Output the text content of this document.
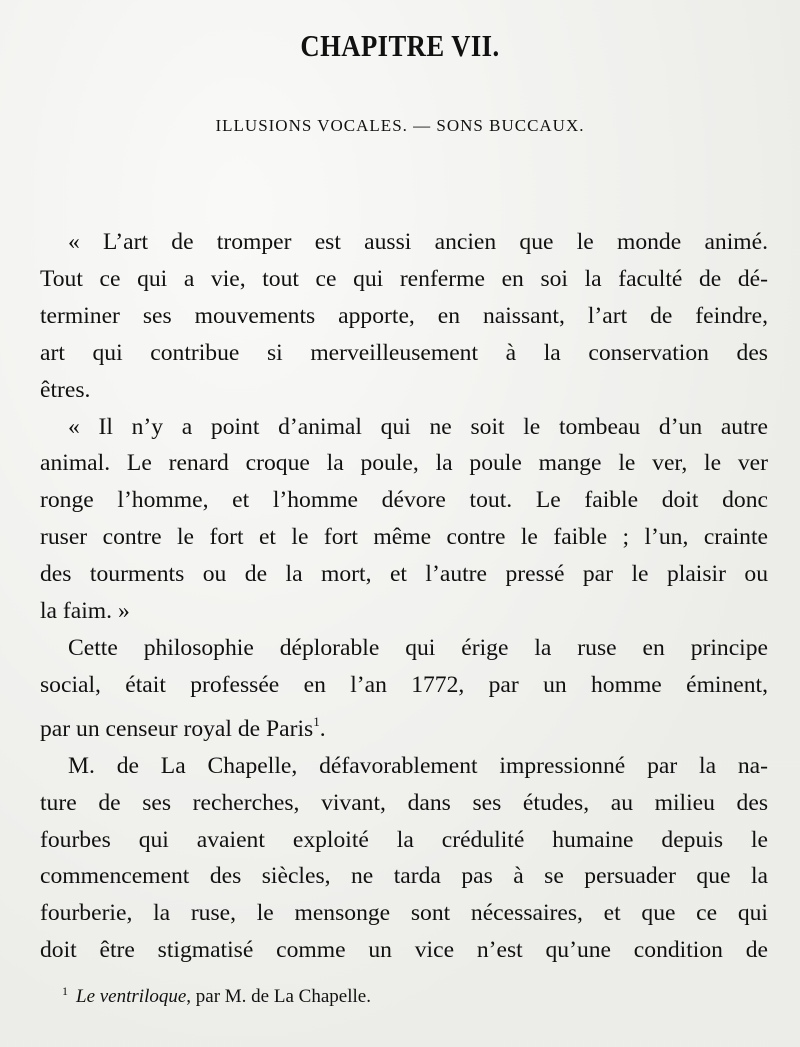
CHAPITRE VII.
ILLUSIONS VOCALES. — SONS BUCCAUX.
« L’art de tromper est aussi ancien que le monde animé.
Tout ce qui a vie, tout ce qui renferme en soi la faculté de dé-
terminer ses mouvements apporte, en naissant, l’art de feindre,
art qui contribue si merveilleusement à la conservation des
êtres.
« Il n’y a point d’animal qui ne soit le tombeau d’un autre
animal. Le renard croque la poule, la poule mange le ver, le ver
ronge l’homme, et l’homme dévore tout. Le faible doit donc
ruser contre le fort et le fort même contre le faible ; l’un, crainte
des tourments ou de la mort, et l’autre pressé par le plaisir ou
la faim. »
Cette philosophie déplorable qui érige la ruse en principe
social, était professée en l’an 1772, par un homme éminent,
par un censeur royal de Paris$^1$.
M. de La Chapelle, défavorablement impressionné par la na-
ture de ses recherches, vivant, dans ses études, au milieu des
fourbes qui avaient exploité la crédulité humaine depuis le
commencement des siècles, ne tarda pas à se persuader que la
fourberie, la ruse, le mensonge sont nécessaires, et que ce qui
doit être stigmatisé comme un vice n’est qu’une condition de
$^1$ Le ventriloque, par M. de La Chapelle.
